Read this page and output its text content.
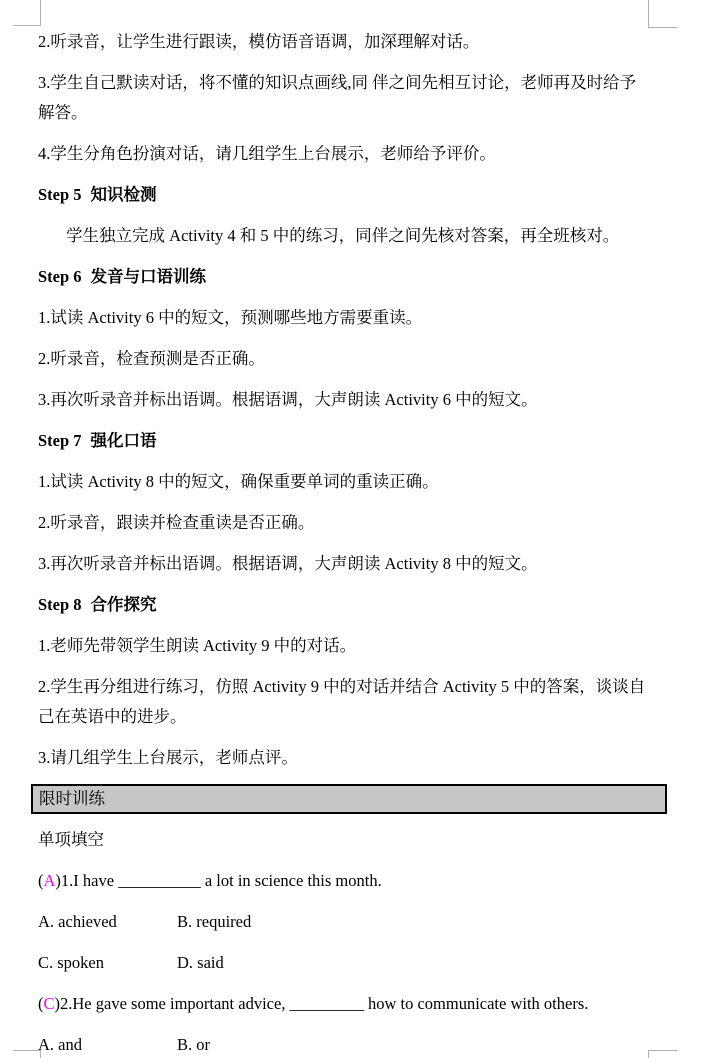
2.听录音，让学生进行跟读，模仿语音语调，加深理解对话。

3.学生自己默读对话，将不懂的知识点画线,同 伴之间先相互讨论，老师再及时给予解答。

4.学生分角色扮演对话，请几组学生上台展示，老师给予评价。

Step 5 知识检测

学生独立完成 Activity 4 和 5 中的练习，同伴之间先核对答案，再全班核对。

Step 6 发音与口语训练

1.试读 Activity 6 中的短文，预测哪些地方需要重读。

2.听录音，检查预测是否正确。

3.再次听录音并标出语调。根据语调，大声朗读 Activity 6 中的短文。

Step 7 强化口语

1.试读 Activity 8 中的短文，确保重要单词的重读正确。

2.听录音，跟读并检查重读是否正确。

3.再次听录音并标出语调。根据语调，大声朗读 Activity 8 中的短文。

Step 8 合作探究

1.老师先带领学生朗读 Activity 9 中的对话。

2.学生再分组进行练习，仿照 Activity 9 中的对话并结合 Activity 5 中的答案，谈谈自己在英语中的进步。

3.请几组学生上台展示，老师点评。

限时训练

单项填空

(A)1.I have __________ a lot in science this month.

A. achieved	B. required

C. spoken	D. said

(C)2.He gave some important advice, _________ how to communicate with others.

A. and	B. or
